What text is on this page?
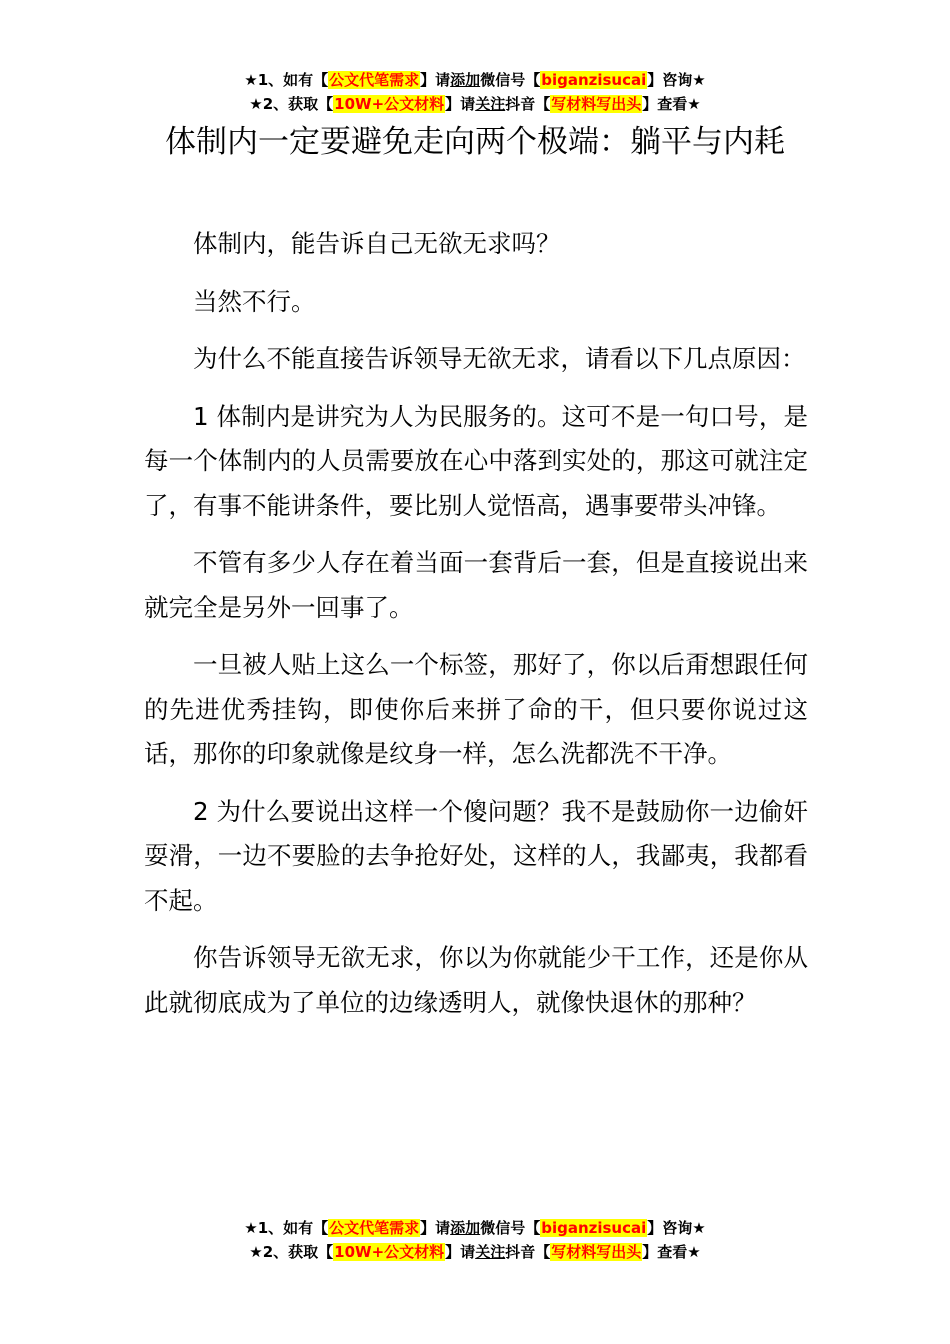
★1、如有【公文代笔需求】请添加微信号【biganzisucai】咨询★
★2、获取【10W+公文材料】请关注抖音【写材料写出头】查看★
体制内一定要避免走向两个极端：躺平与内耗

体制内，能告诉自己无欲无求吗？

当然不行。

为什么不能直接告诉领导无欲无求，请看以下几点原因：

1 体制内是讲究为人为民服务的。这可不是一句口号，是每一个体制内的人员需要放在心中落到实处的，那这可就注定了，有事不能讲条件，要比别人觉悟高，遇事要带头冲锋。

不管有多少人存在着当面一套背后一套，但是直接说出来就完全是另外一回事了。

一旦被人贴上这么一个标签，那好了，你以后甭想跟任何的先进优秀挂钩，即使你后来拼了命的干，但只要你说过这话，那你的印象就像是纹身一样，怎么洗都洗不干净。

2 为什么要说出这样一个傻问题？我不是鼓励你一边偷奸耍滑，一边不要脸的去争抢好处，这样的人，我鄙夷，我都看不起。

你告诉领导无欲无求，你以为你就能少干工作，还是你从此就彻底成为了单位的边缘透明人，就像快退休的那种？

★1、如有【公文代笔需求】请添加微信号【biganzisucai】咨询★
★2、获取【10W+公文材料】请关注抖音【写材料写出头】查看★
